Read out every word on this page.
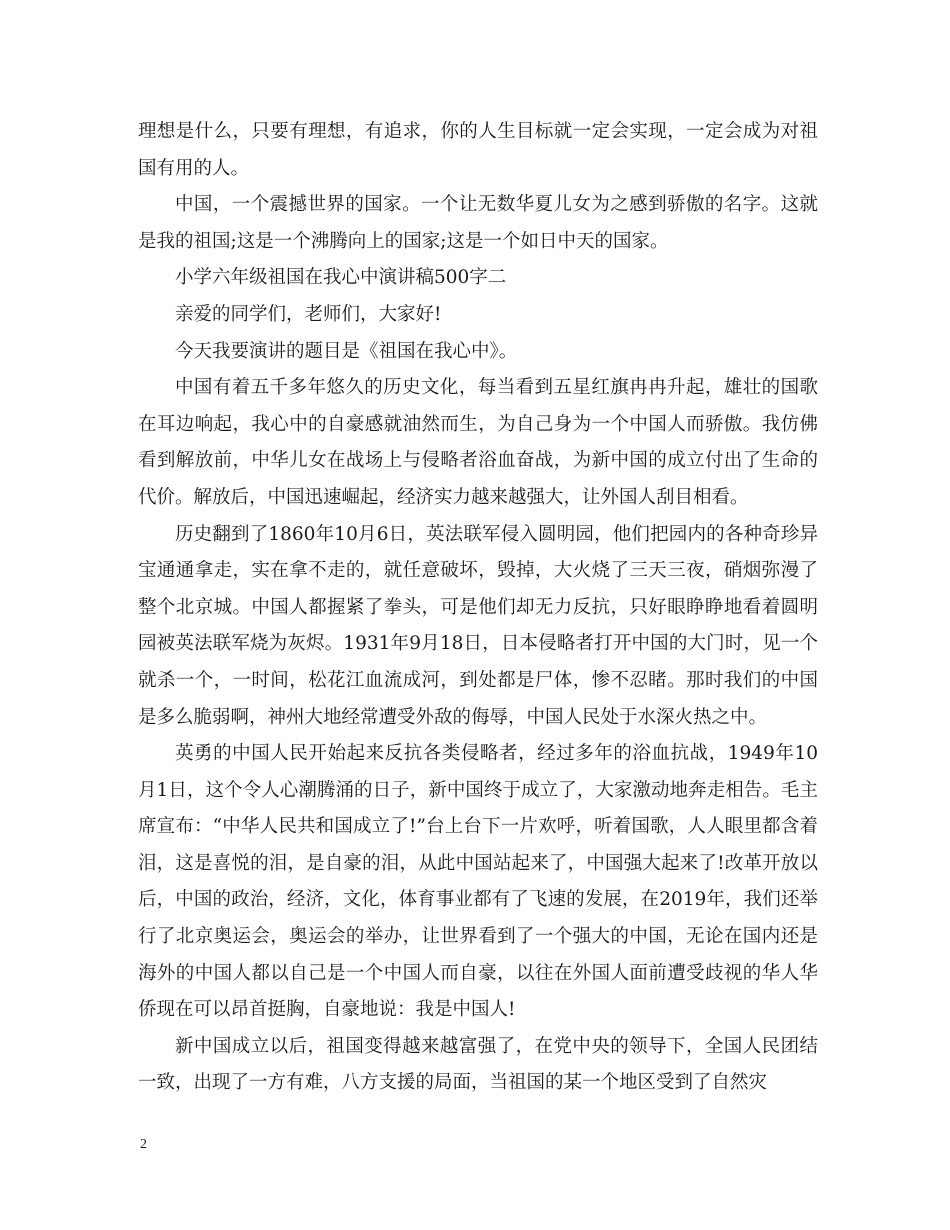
理想是什么，只要有理想，有追求，你的人生目标就一定会实现，一定会成为对祖国有用的人。

中国，一个震撼世界的国家。一个让无数华夏儿女为之感到骄傲的名字。这就是我的祖国;这是一个沸腾向上的国家;这是一个如日中天的国家。

小学六年级祖国在我心中演讲稿500字二

亲爱的同学们，老师们，大家好!

今天我要演讲的题目是《祖国在我心中》。

中国有着五千多年悠久的历史文化，每当看到五星红旗冉冉升起，雄壮的国歌在耳边响起，我心中的自豪感就油然而生，为自己身为一个中国人而骄傲。我仿佛看到解放前，中华儿女在战场上与侵略者浴血奋战，为新中国的成立付出了生命的代价。解放后，中国迅速崛起，经济实力越来越强大，让外国人刮目相看。

历史翻到了1860年10月6日，英法联军侵入圆明园，他们把园内的各种奇珍异宝通通拿走，实在拿不走的，就任意破坏，毁掉，大火烧了三天三夜，硝烟弥漫了整个北京城。中国人都握紧了拳头，可是他们却无力反抗，只好眼睁睁地看着圆明园被英法联军烧为灰烬。1931年9月18日，日本侵略者打开中国的大门时，见一个就杀一个，一时间，松花江血流成河，到处都是尸体，惨不忍睹。那时我们的中国是多么脆弱啊，神州大地经常遭受外敌的侮辱，中国人民处于水深火热之中。

英勇的中国人民开始起来反抗各类侵略者，经过多年的浴血抗战，1949年10月1日，这个令人心潮腾涌的日子，新中国终于成立了，大家激动地奔走相告。毛主席宣布：“中华人民共和国成立了!”台上台下一片欢呼，听着国歌，人人眼里都含着泪，这是喜悦的泪，是自豪的泪，从此中国站起来了，中国强大起来了!改革开放以后，中国的政治，经济，文化，体育事业都有了飞速的发展，在2019年，我们还举行了北京奥运会，奥运会的举办，让世界看到了一个强大的中国，无论在国内还是海外的中国人都以自己是一个中国人而自豪，以往在外国人面前遭受歧视的华人华侨现在可以昂首挺胸，自豪地说：我是中国人!

新中国成立以后，祖国变得越来越富强了，在党中央的领导下，全国人民团结一致，出现了一方有难，八方支援的局面，当祖国的某一个地区受到了自然灾

2
